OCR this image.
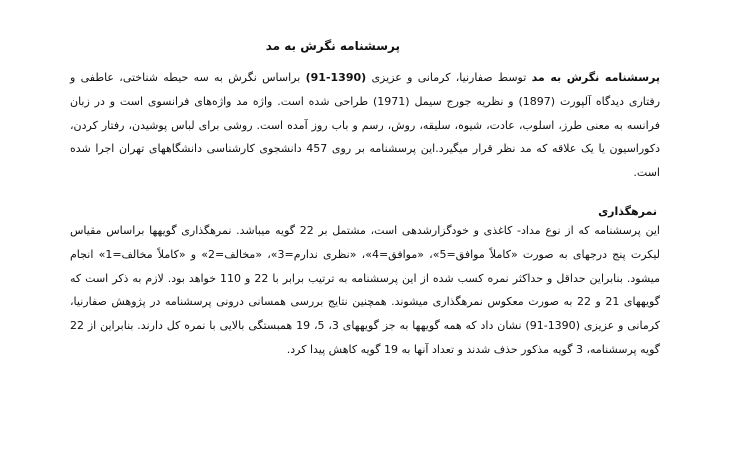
پرسشنامه نگرش به مد

پرسشنامه نگرش به مد توسط صفارنیا، کرمانی و عزیزی (1390-91) براساس نگرش به سه حیطه شناختی، عاطفی و رفتاری دیدگاه آلپورت (1897) و نظریه جورج سیمل (1971) طراحی شده است. واژه مد واژه‌های فرانسوی است و در زبان فرانسه به معنی طرز، اسلوب، عادت، شیوه، سلیقه، روش، رسم و باب روز آمده است. روشی برای لباس پوشیدن، رفتار کردن، دکوراسیون یا یک علاقه که مد نظر قرار میگیرد.این پرسشنامه بر روی 457 دانشجوی کارشناسی دانشگاههای تهران اجرا شده است.

نمرهگذاری

این پرسشنامه که از نوع مداد- کاغذی و خودگزارشدهی است، مشتمل بر 22 گویه میباشد. نمرهگذاری گویهها براساس مقیاس لیکرت پنج درجهای به صورت «کاملاً موافق=5»، «موافق=4»، «نظری ندارم=3»، «مخالف=2» و «کاملاً مخالف=1» انجام میشود. بنابراین حداقل و حداکثر نمره کسب شده از این پرسشنامه به ترتیب برابر با 22 و 110 خواهد بود. لازم به ذکر است که گویههای 21 و 22 به صورت معکوس نمرهگذاری میشوند. همچنین نتایج بررسی همسانی درونی پرسشنامه در پژوهش صفارنیا، کرمانی و عزیزی (1390-91) نشان داد که همه گویهها به جز گویههای 3، 5، 19 همبستگی بالایی با نمره کل دارند. بنابراین از 22 گویه پرسشنامه، 3 گویه مذکور حذف شدند و تعداد آنها به 19 گویه کاهش پیدا کرد.
